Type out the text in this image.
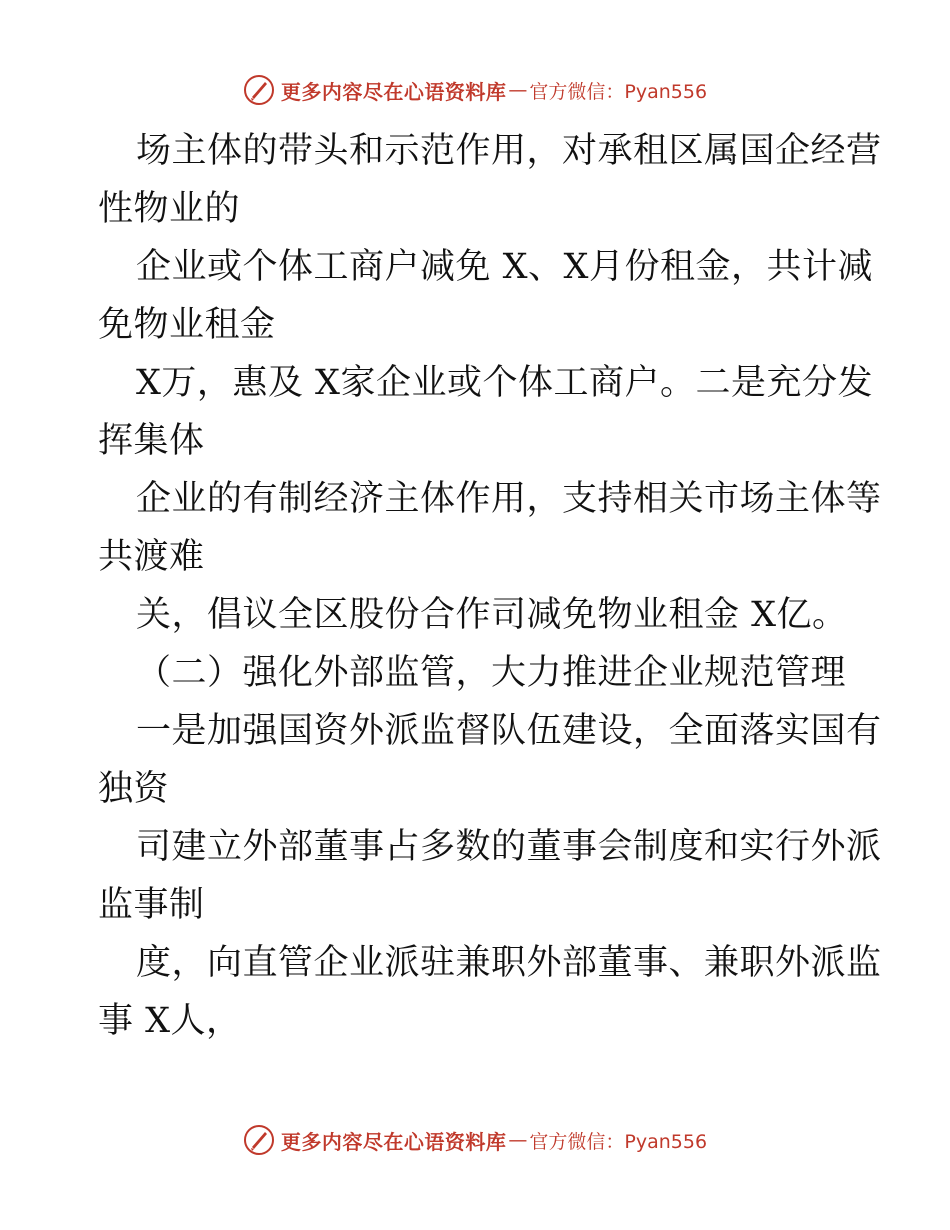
更多内容尽在心语资料库 — 官方微信：Pyan556
场主体的带头和示范作用，对承租区属国企经营
性物业的
企业或个体工商户减免 X、X月份租金，共计减
免物业租金
X万，惠及 X家企业或个体工商户。二是充分发
挥集体
企业的有制经济主体作用，支持相关市场主体等
共渡难
关，倡议全区股份合作司减免物业租金 X亿。
（二）强化外部监管，大力推进企业规范管理
一是加强国资外派监督队伍建设，全面落实国有
独资
司建立外部董事占多数的董事会制度和实行外派
监事制
度，向直管企业派驻兼职外部董事、兼职外派监
事 X人，
更多内容尽在心语资料库 — 官方微信：Pyan556
